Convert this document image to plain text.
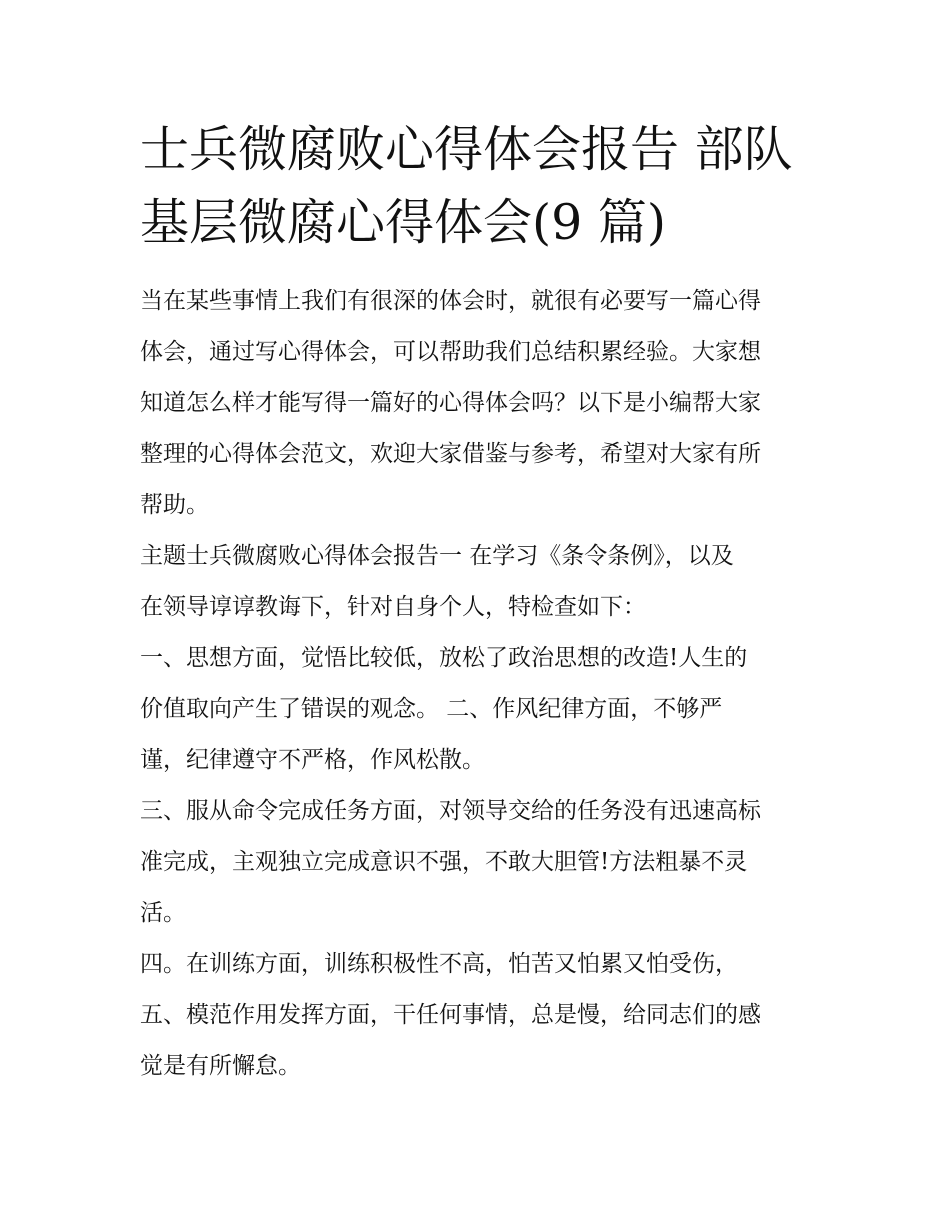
士兵微腐败心得体会报告 部队
基层微腐心得体会(9 篇)
当在某些事情上我们有很深的体会时，就很有必要写一篇心得
体会，通过写心得体会，可以帮助我们总结积累经验。大家想
知道怎么样才能写得一篇好的心得体会吗？以下是小编帮大家
整理的心得体会范文，欢迎大家借鉴与参考，希望对大家有所
帮助。
主题士兵微腐败心得体会报告一 在学习《条令条例》，以及
在领导谆谆教诲下，针对自身个人，特检查如下：
一、思想方面，觉悟比较低，放松了政治思想的改造!人生的
价值取向产生了错误的观念。 二、作风纪律方面，不够严
谨，纪律遵守不严格，作风松散。
三、服从命令完成任务方面，对领导交给的任务没有迅速高标
准完成，主观独立完成意识不强，不敢大胆管!方法粗暴不灵
活。
四。在训练方面，训练积极性不高，怕苦又怕累又怕受伤，
五、模范作用发挥方面，干任何事情，总是慢，给同志们的感
觉是有所懈怠。
